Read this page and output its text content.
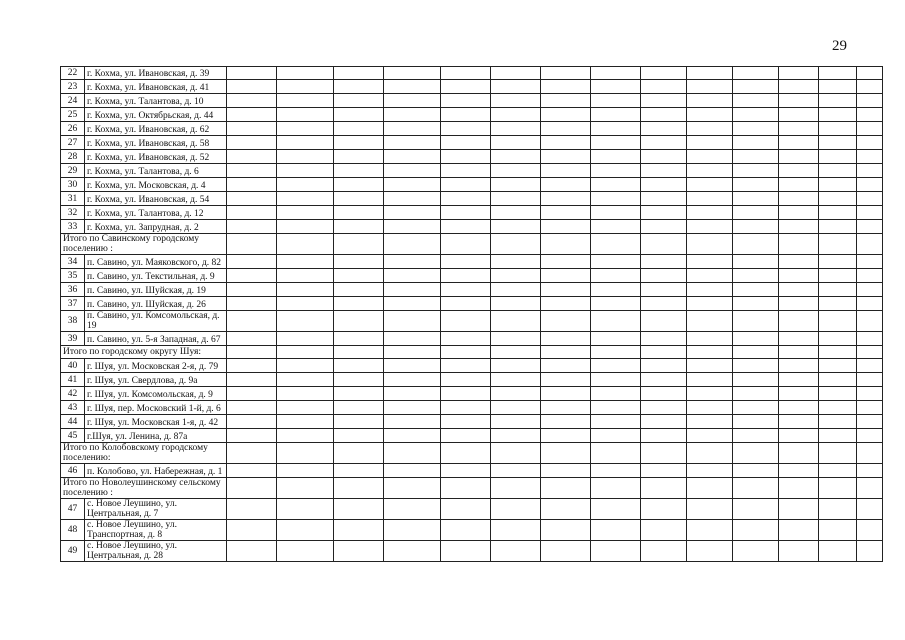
29
22	г. Кохма, ул. Ивановская, д. 39														
23	г. Кохма, ул. Ивановская, д. 41														
24	г. Кохма, ул. Талантова, д. 10														
25	г. Кохма, ул. Октябрьская, д. 44														
26	г. Кохма, ул. Ивановская, д. 62														
27	г. Кохма, ул. Ивановская, д. 58														
28	г. Кохма, ул. Ивановская, д. 52														
29	г. Кохма, ул. Талантова, д. 6														
30	г. Кохма, ул. Московская, д. 4														
31	г. Кохма, ул. Ивановская, д. 54														
32	г. Кохма, ул. Талантова, д. 12														
33	г. Кохма, ул. Запрудная, д. 2														
Итого по Савинскому городскому поселению :															
34	п. Савино, ул. Маяковского, д. 82														
35	п. Савино, ул. Текстильная, д. 9														
36	п. Савино, ул. Шуйская, д. 19														
37	п. Савино, ул. Шуйская, д. 26														
38	п. Савино, ул. Комсомольская, д. 19														
39	п. Савино, ул. 5-я Западная, д. 67														
Итого по городскому округу Шуя:															
40	г. Шуя, ул. Московская 2-я, д. 79														
41	г. Шуя, ул. Свердлова, д. 9а														
42	г. Шуя, ул. Комсомольская, д. 9														
43	г. Шуя, пер. Московский 1-й, д. 6														
44	г. Шуя, ул. Московская 1-я, д. 42														
45	г.Шуя, ул. Ленина, д. 87а														
Итого по Колобовскому городскому поселению:															
46	п. Колобово, ул. Набережная, д. 1														
Итого по Новолеушинскому сельскому поселению :															
47	с. Новое Леушино, ул. Центральная, д. 7														
48	с. Новое Леушино, ул. Транспортная, д. 8														
49	с. Новое Леушино, ул. Центральная, д. 28														
